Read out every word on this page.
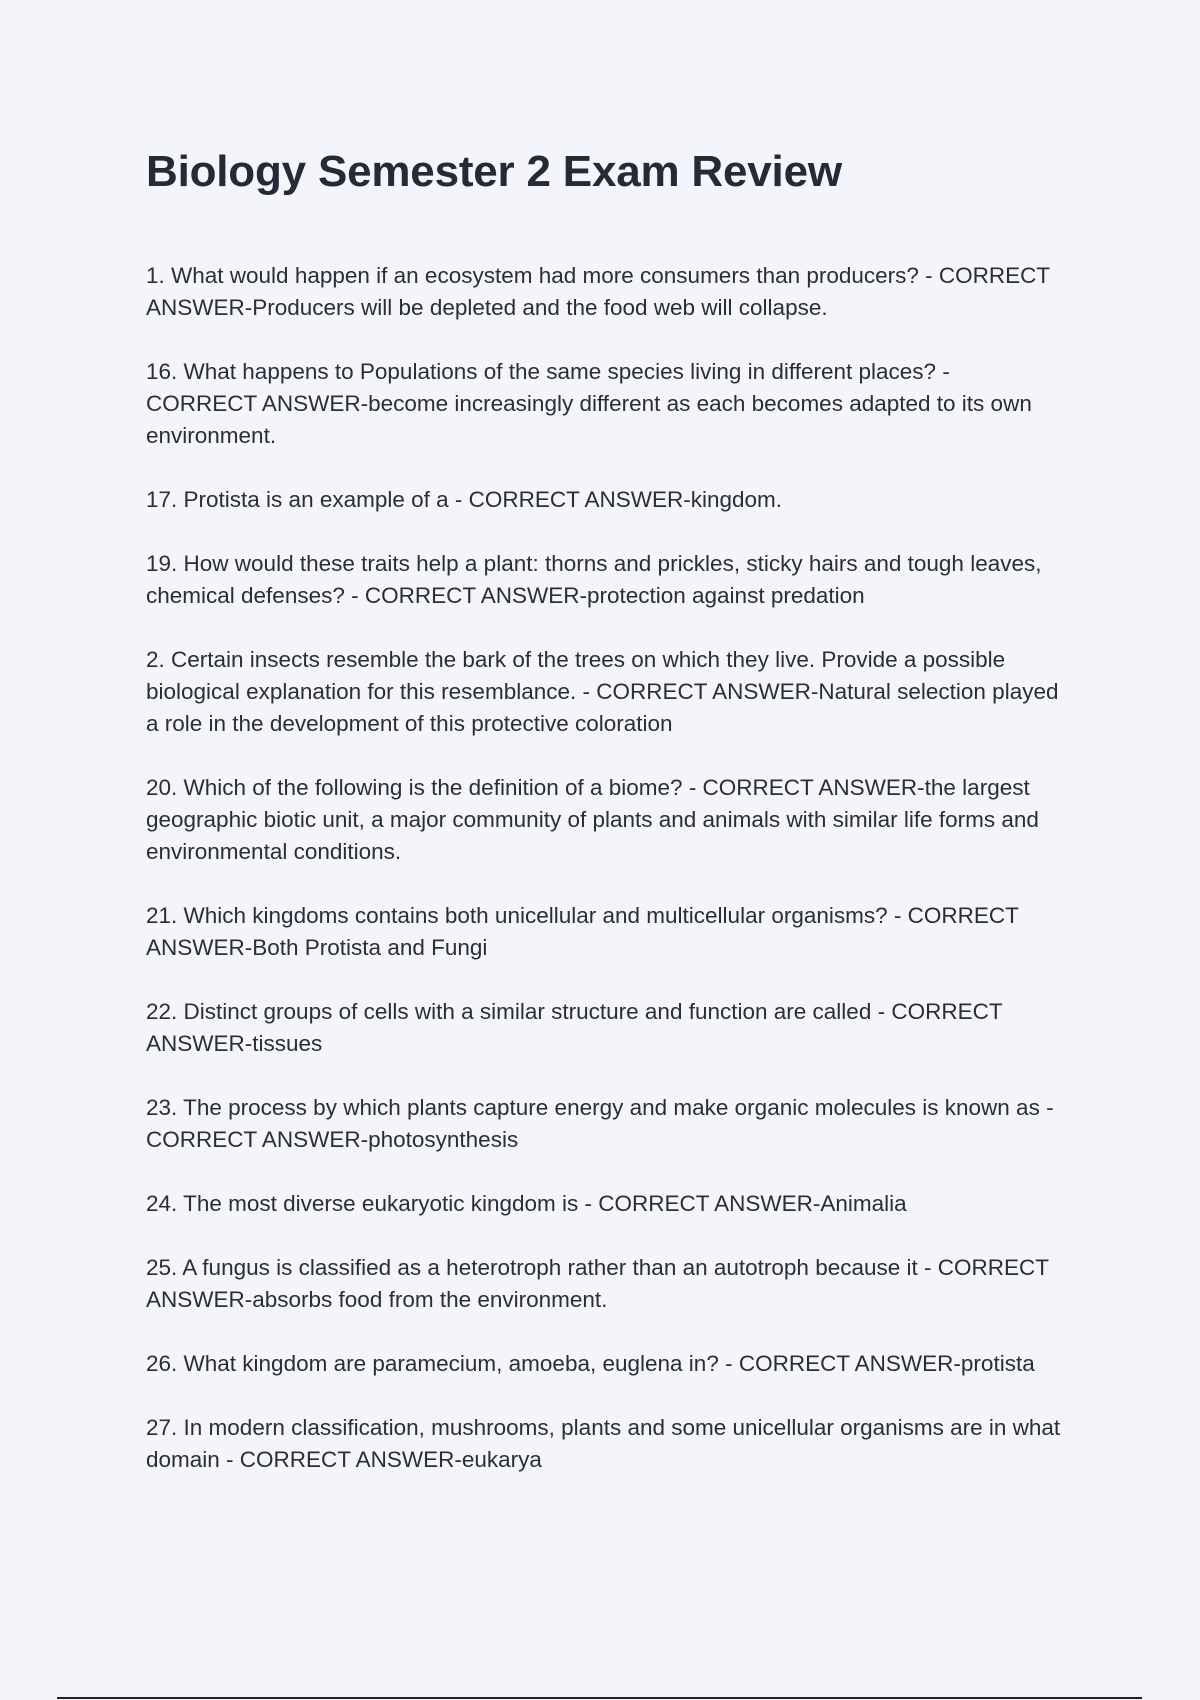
Biology Semester 2 Exam Review
1. What would happen if an ecosystem had more consumers than producers? - CORRECT ANSWER-Producers will be depleted and the food web will collapse.
16. What happens to Populations of the same species living in different places? - CORRECT ANSWER-become increasingly different as each becomes adapted to its own environment.
17. Protista is an example of a - CORRECT ANSWER-kingdom.
19. How would these traits help a plant: thorns and prickles, sticky hairs and tough leaves, chemical defenses? - CORRECT ANSWER-protection against predation
2. Certain insects resemble the bark of the trees on which they live. Provide a possible biological explanation for this resemblance. - CORRECT ANSWER-Natural selection played a role in the development of this protective coloration
20. Which of the following is the definition of a biome? - CORRECT ANSWER-the largest geographic biotic unit, a major community of plants and animals with similar life forms and environmental conditions.
21. Which kingdoms contains both unicellular and multicellular organisms? - CORRECT ANSWER-Both Protista and Fungi
22. Distinct groups of cells with a similar structure and function are called - CORRECT ANSWER-tissues
23. The process by which plants capture energy and make organic molecules is known as - CORRECT ANSWER-photosynthesis
24. The most diverse eukaryotic kingdom is - CORRECT ANSWER-Animalia
25. A fungus is classified as a heterotroph rather than an autotroph because it - CORRECT ANSWER-absorbs food from the environment.
26. What kingdom are paramecium, amoeba, euglena in? - CORRECT ANSWER-protista
27. In modern classification, mushrooms, plants and some unicellular organisms are in what domain - CORRECT ANSWER-eukarya
